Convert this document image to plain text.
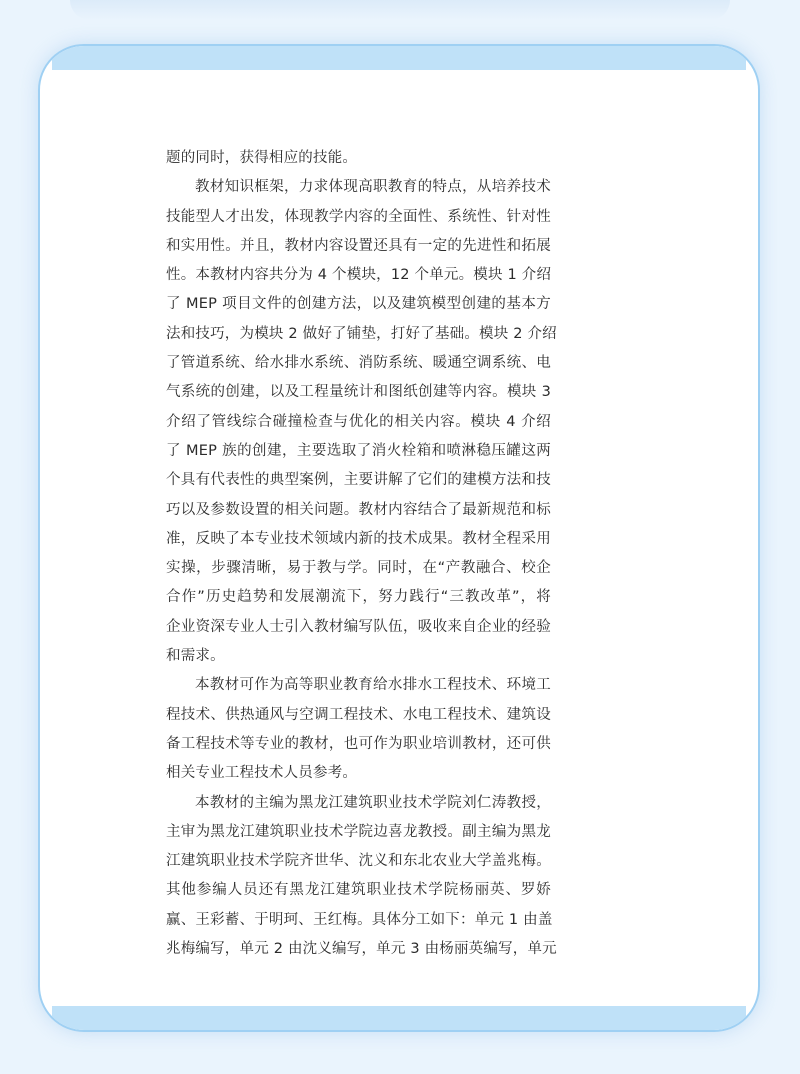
题的同时，获得相应的技能。
教材知识框架，力求体现高职教育的特点，从培养技术
技能型人才出发，体现教学内容的全面性、系统性、针对性
和实用性。并且，教材内容设置还具有一定的先进性和拓展
性。本教材内容共分为 4 个模块，12 个单元。模块 1 介绍
了 MEP 项目文件的创建方法，以及建筑模型创建的基本方
法和技巧，为模块 2 做好了铺垫，打好了基础。模块 2 介绍
了管道系统、给水排水系统、消防系统、暖通空调系统、电
气系统的创建，以及工程量统计和图纸创建等内容。模块 3
介绍了管线综合碰撞检查与优化的相关内容。模块 4 介绍
了 MEP 族的创建，主要选取了消火栓箱和喷淋稳压罐这两
个具有代表性的典型案例，主要讲解了它们的建模方法和技
巧以及参数设置的相关问题。教材内容结合了最新规范和标
准，反映了本专业技术领域内新的技术成果。教材全程采用
实操，步骤清晰，易于教与学。同时，在“产教融合、校企
合作”历史趋势和发展潮流下，努力践行“三教改革”，将
企业资深专业人士引入教材编写队伍，吸收来自企业的经验
和需求。
本教材可作为高等职业教育给水排水工程技术、环境工
程技术、供热通风与空调工程技术、水电工程技术、建筑设
备工程技术等专业的教材，也可作为职业培训教材，还可供
相关专业工程技术人员参考。
本教材的主编为黑龙江建筑职业技术学院刘仁涛教授，
主审为黑龙江建筑职业技术学院边喜龙教授。副主编为黑龙
江建筑职业技术学院齐世华、沈义和东北农业大学盖兆梅。
其他参编人员还有黑龙江建筑职业技术学院杨丽英、罗娇
赢、王彩蓄、于明珂、王红梅。具体分工如下：单元 1 由盖
兆梅编写，单元 2 由沈义编写，单元 3 由杨丽英编写，单元
